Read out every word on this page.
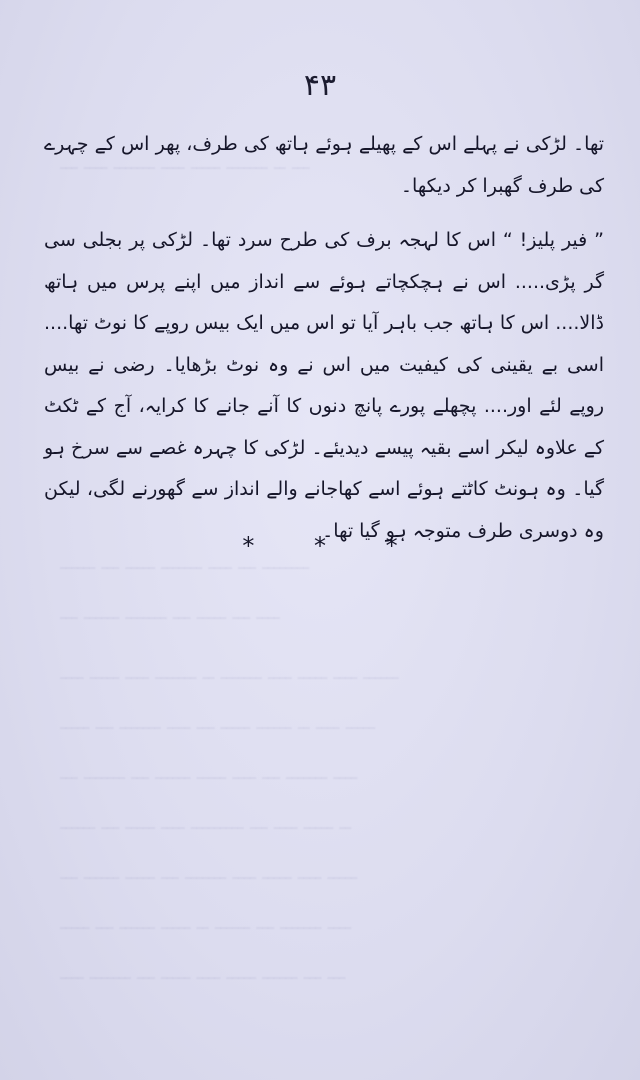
ـــ ــــ ـــــــ ــــ ـــــ ـــــــ ــ ـــ
ــــــ ـــ ـــــ ـــــــ ــــ ـــ ــــــــ
ـــ ــــــ ـــــــ ـــ ـــــ ـــ ــــ
ــــ ـــــ ــــ ـــــــ ــ ـــــــ ــــ ـــــ ــــ ــــــ
ـــــ ـــ ـــــــ ــــ ـــ ـــــ ــــــ ــ ــــ ـــــ
ـــ ـــــــ ـــ ــــــ ـــــ ــــ ـــ ـــــــ ــــ
ــــــ ـــ ـــــ ــــ ـــــــــ ـــ ــــ ـــــ ــ
ـــ ــــــ ـــــ ـــ ـــــــ ــــ ـــــ ــــ ـــــ
ـــــ ـــ ــــــ ـــــ ــ ــــــ ـــ ـــــــ ــــ
ــــ ـــــــ ـــ ـــــ ــــ ـــــ ــــــ ـــ ـــ
۴۳

تھا۔ لڑکی نے پہلے اس کے پھیلے ہوئے ہاتھ کی طرف، پھر اس کے چہرے کی طرف گھبرا کر دیکھا۔

” فیر پلیز! “ اس کا لہجہ برف کی طرح سرد تھا۔ لڑکی پر بجلی سی گر پڑی..... اس نے ہچکچاتے ہوئے سے انداز میں اپنے پرس میں ہاتھ ڈالا.... اس کا ہاتھ جب باہر آیا تو اس میں ایک بیس روپے کا نوٹ تھا.... اسی بے یقینی کی کیفیت میں اس نے وہ نوٹ بڑھایا۔ رضی نے بیس روپے لئے اور.... پچھلے پورے پانچ دنوں کا آنے جانے کا کرایہ، آج کے ٹکٹ کے علاوہ لیکر اسے بقیہ پیسے دیدیئے۔ لڑکی کا چہرہ غصے سے سرخ ہو گیا۔ وہ ہونٹ کاٹتے ہوئے اسے کھاجانے والے انداز سے گھورنے لگی، لیکن وہ دوسری طرف متوجہ ہو گیا تھا۔

* * *
